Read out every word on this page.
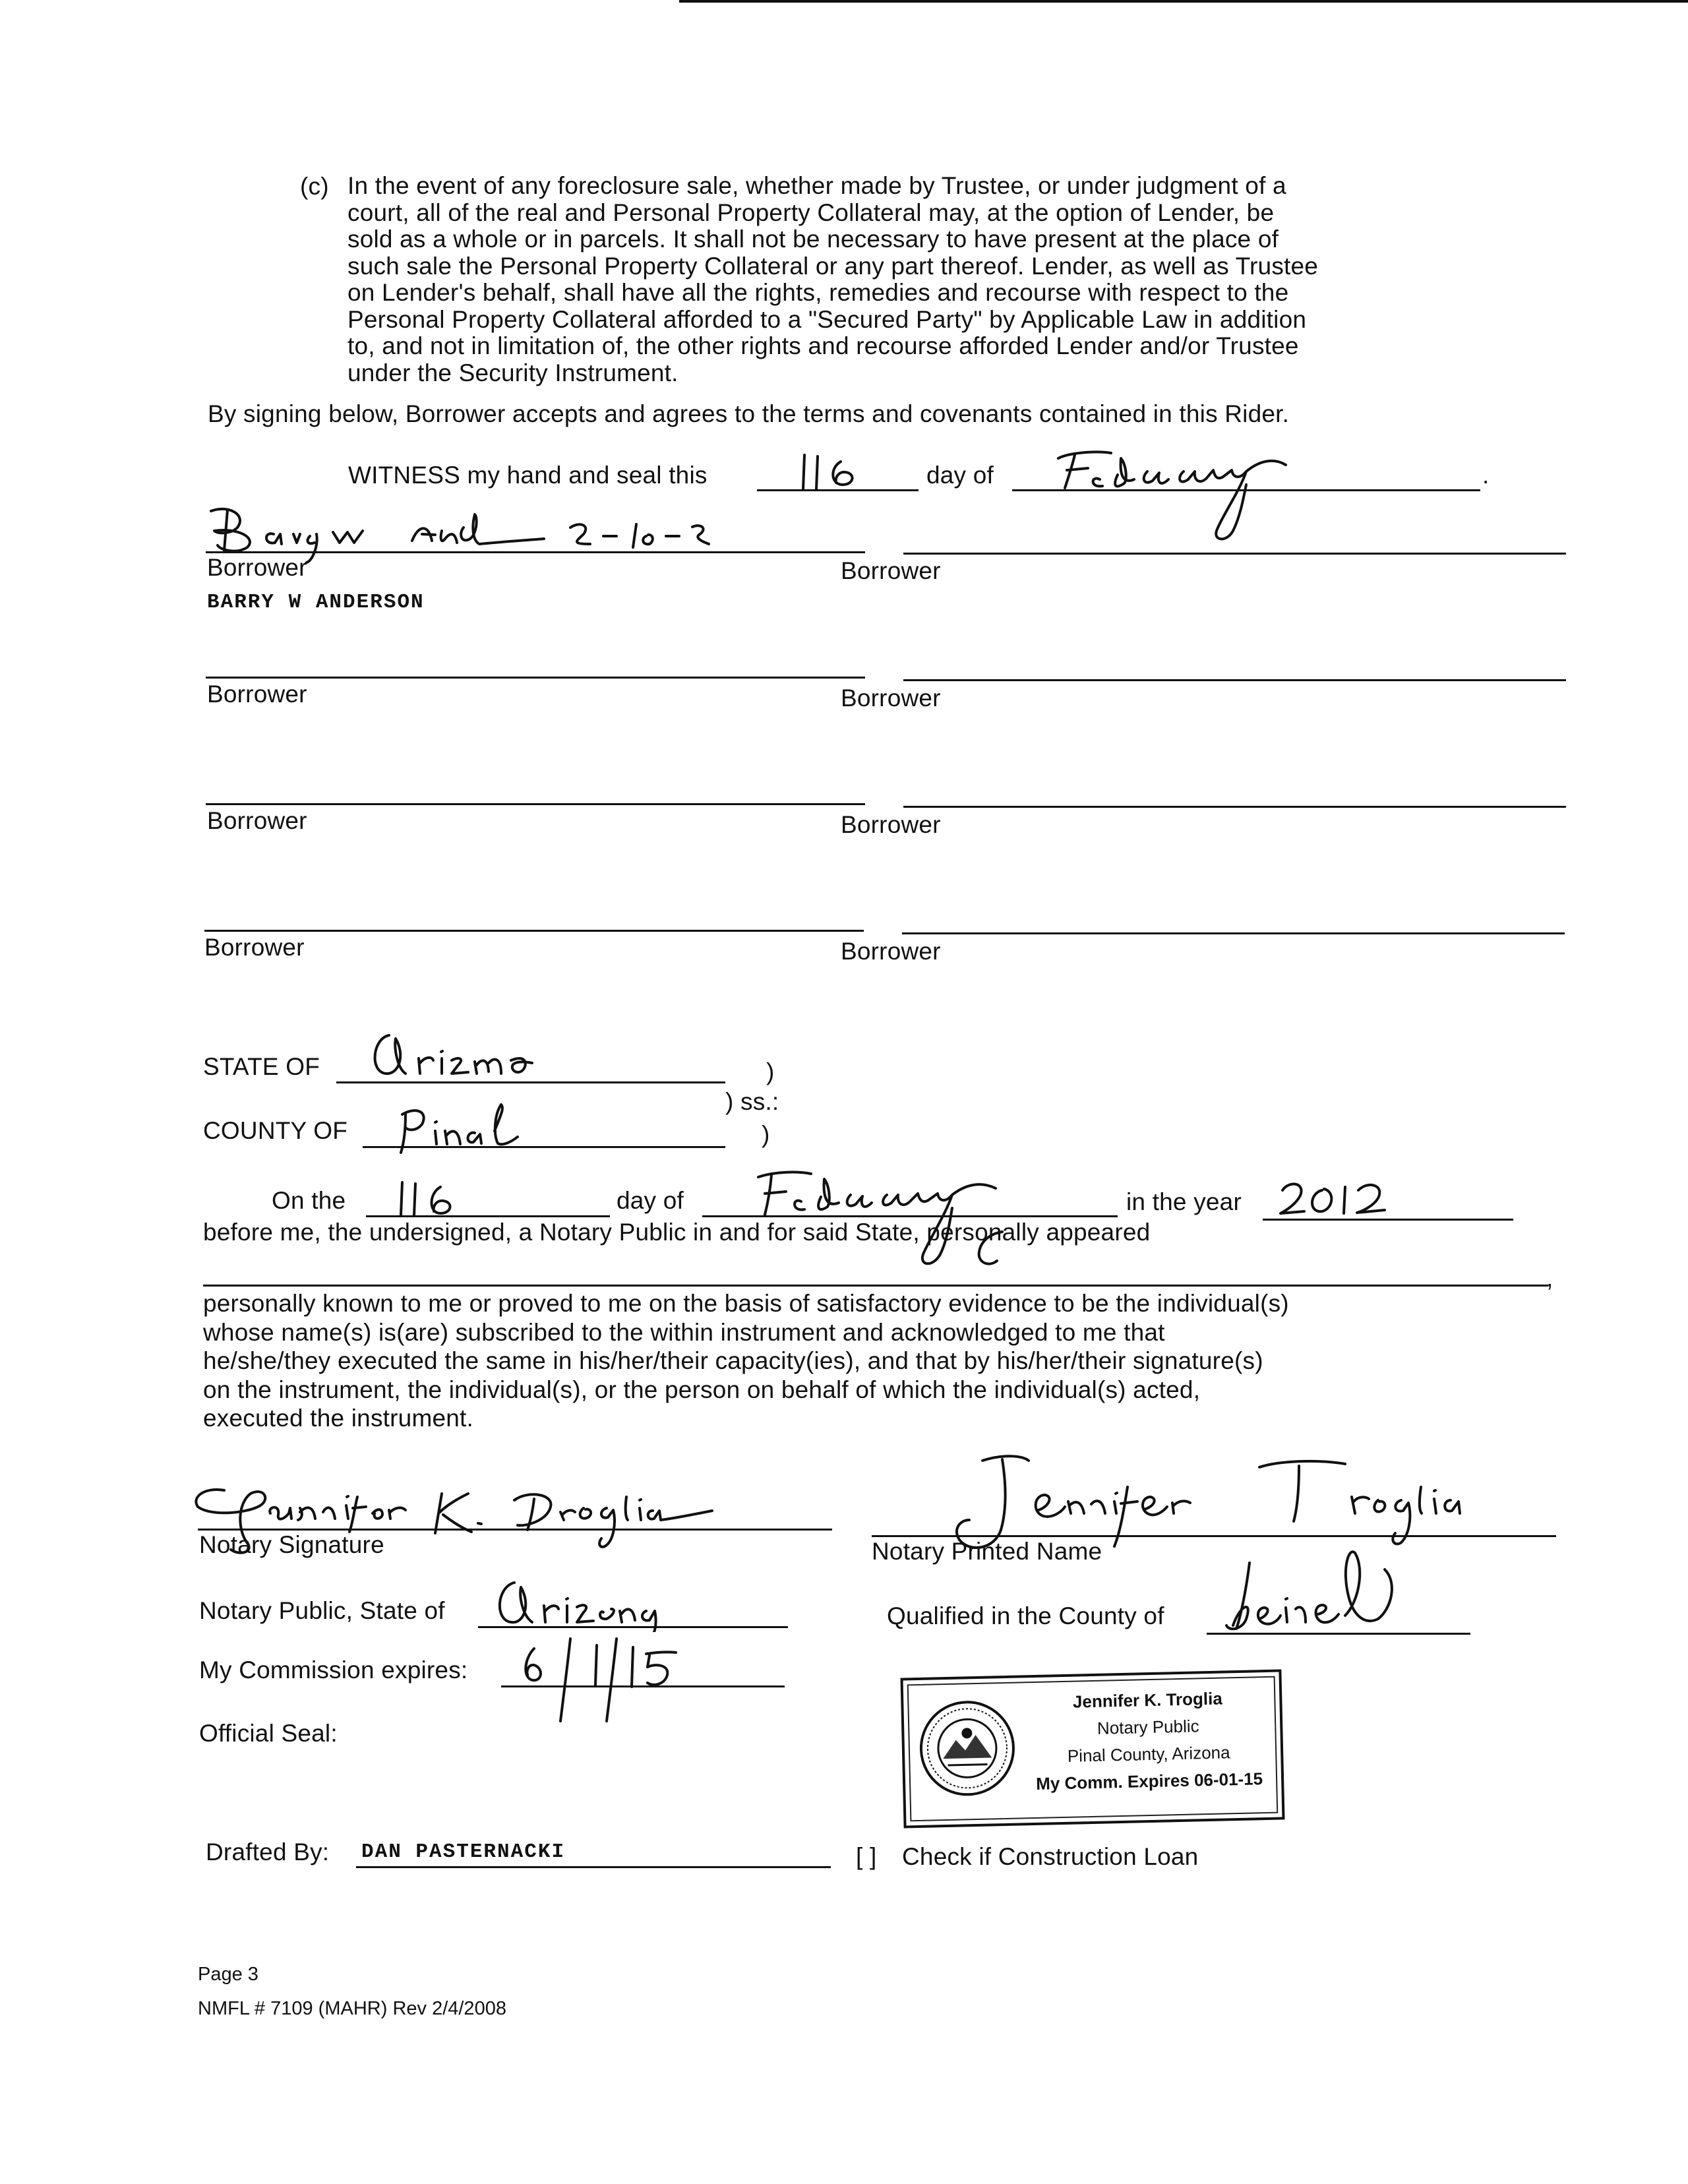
(c) In the event of any foreclosure sale, whether made by Trustee, or under judgment of a

court, all of the real and Personal Property Collateral may, at the option of Lender, be

sold as a whole or in parcels. It shall not be necessary to have present at the place of

such sale the Personal Property Collateral or any part thereof. Lender, as well as Trustee

on Lender's behalf, shall have all the rights, remedies and recourse with respect to the

Personal Property Collateral afforded to a "Secured Party" by Applicable Law in addition

to, and not in limitation of, the other rights and recourse afforded Lender and/or Trustee

under the Security Instrument.

By signing below, Borrower accepts and agrees to the terms and covenants contained in this Rider.
WITNESS my hand and seal this	day of	.
Borrower	Borrower
BARRY W ANDERSON
Borrower	Borrower
Borrower	Borrower
Borrower	Borrower
STATE OF	)
) ss.:
COUNTY OF	)
On the	day of	in the year
before me, the undersigned, a Notary Public in and for said State, personally appeared
,

personally known to me or proved to me on the basis of satisfactory evidence to be the individual(s)

whose name(s) is(are) subscribed to the within instrument and acknowledged to me that

he/she/they executed the same in his/her/their capacity(ies), and that by his/her/their signature(s)

on the instrument, the individual(s), or the person on behalf of which the individual(s) acted,

executed the instrument.

Notary Signature	Notary Printed Name
Notary Public, State of	Qualified in the County of
My Commission expires:
Official Seal:
Jennifer K. Troglia
Notary Public
Pinal County, Arizona
My Comm. Expires 06-01-15
Drafted By: DAN PASTERNACKI	[ ] Check if Construction Loan
Page 3
NMFL # 7109 (MAHR) Rev 2/4/2008
